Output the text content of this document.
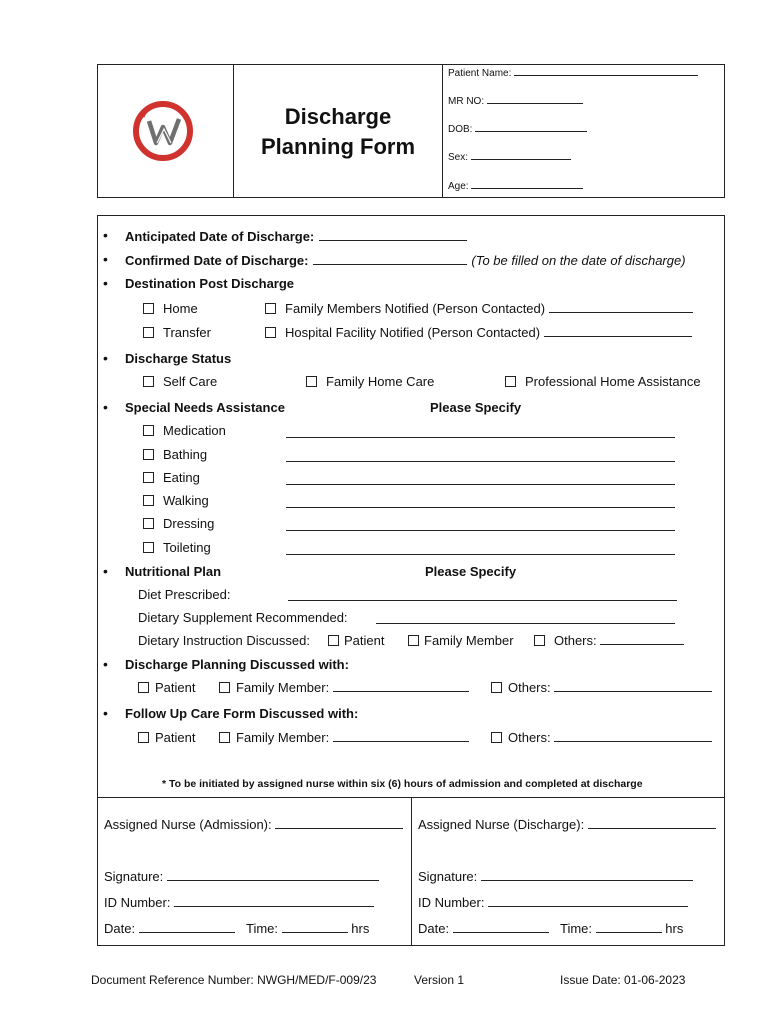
Discharge
Planning Form
Patient Name:
MR NO:
DOB:
Sex:
Age:
• Anticipated Date of Discharge:
• Confirmed Date of Discharge:	(To be filled on the date of discharge)
• Destination Post Discharge
Home	Family Members Notified (Person Contacted)
Transfer	Hospital Facility Notified (Person Contacted)
• Discharge Status
Self Care	Family Home Care	Professional Home Assistance
• Special Needs Assistance	Please Specify
Medication
Bathing
Eating
Walking
Dressing
Toileting
• Nutritional Plan	Please Specify
Diet Prescribed:
Dietary Supplement Recommended:
Dietary Instruction Discussed:	Patient	Family Member	Others:
• Discharge Planning Discussed with:
Patient	Family Member:	Others:
• Follow Up Care Form Discussed with:
Patient	Family Member:	Others:
* To be initiated by assigned nurse within six (6) hours of admission and completed at discharge
Assigned Nurse (Admission):
Signature:
ID Number:
Date:	Time:	hrs
Assigned Nurse (Discharge):
Signature:
ID Number:
Date:	Time:	hrs
Document Reference Number: NWGH/MED/F-009/23	Version 1	Issue Date: 01-06-2023
